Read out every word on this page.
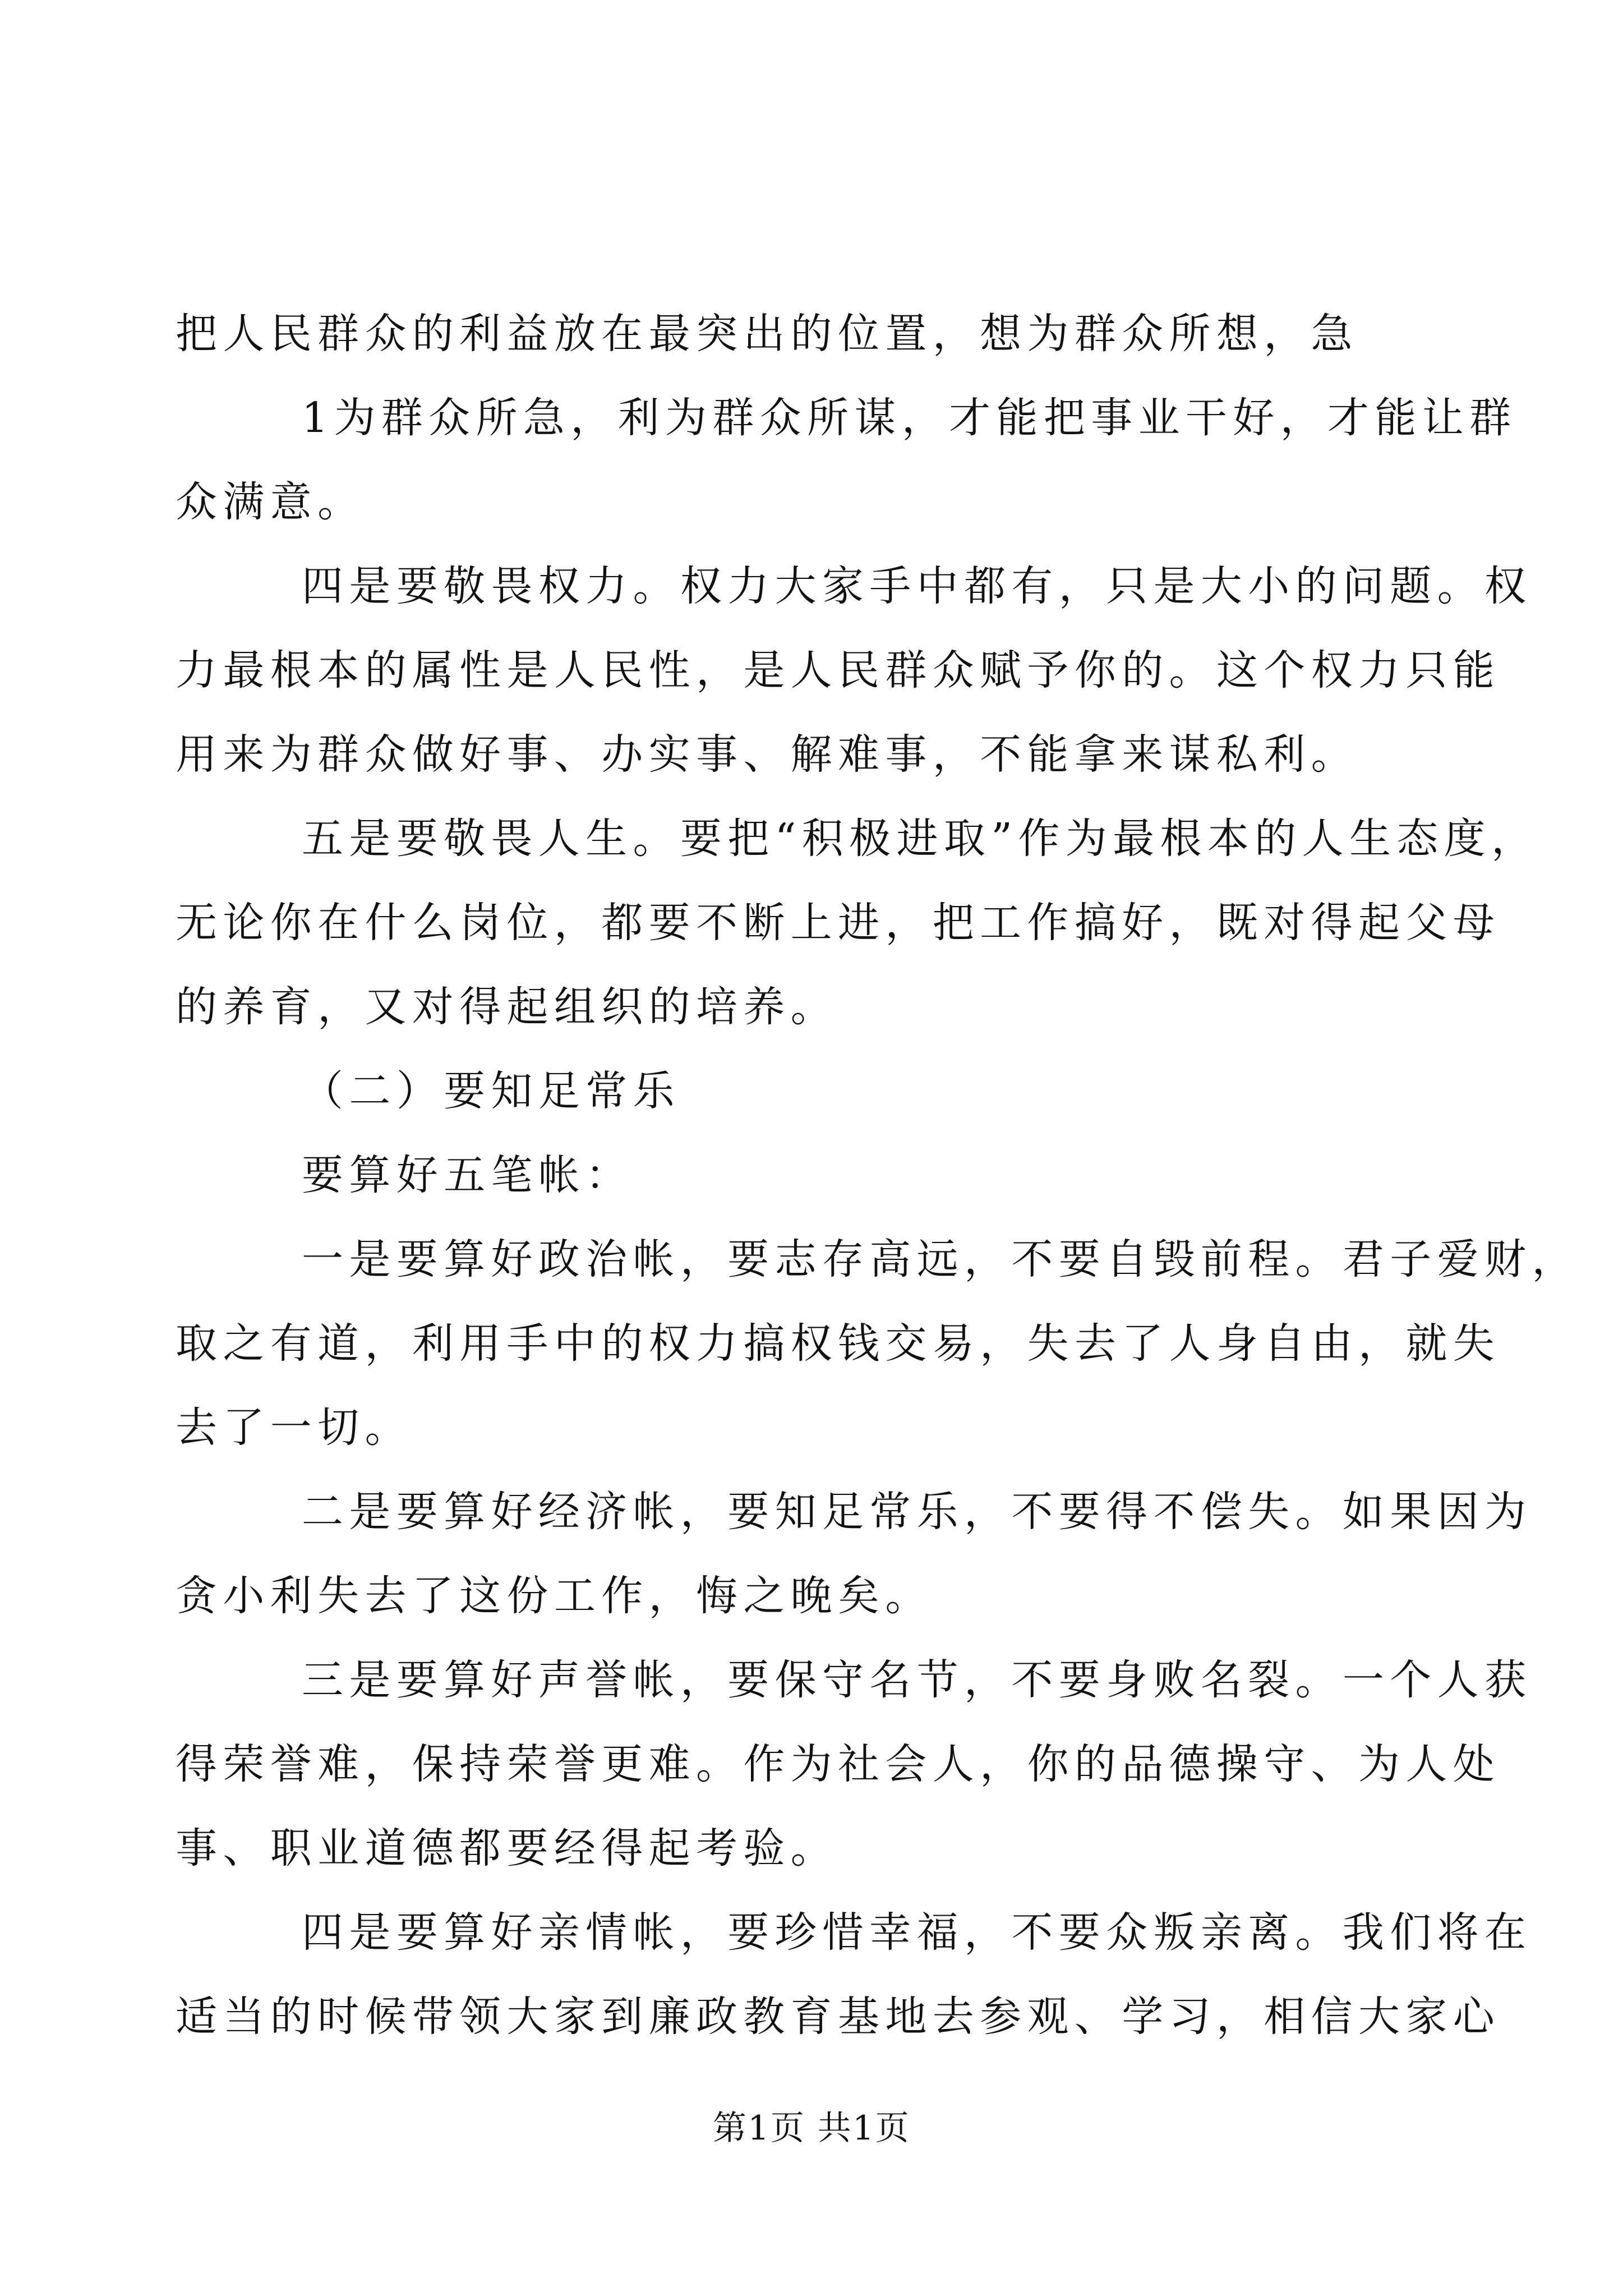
把人民群众的利益放在最突出的位置，想为群众所想，急
1为群众所急，利为群众所谋，才能把事业干好，才能让群
众满意。
四是要敬畏权力。权力大家手中都有，只是大小的问题。权
力最根本的属性是人民性，是人民群众赋予你的。这个权力只能
用来为群众做好事、办实事、解难事，不能拿来谋私利。
五是要敬畏人生。要把“积极进取”作为最根本的人生态度，
无论你在什么岗位，都要不断上进，把工作搞好，既对得起父母
的养育，又对得起组织的培养。
（二）要知足常乐
要算好五笔帐：
一是要算好政治帐，要志存高远，不要自毁前程。君子爱财，
取之有道，利用手中的权力搞权钱交易，失去了人身自由，就失
去了一切。
二是要算好经济帐，要知足常乐，不要得不偿失。如果因为
贪小利失去了这份工作，悔之晚矣。
三是要算好声誉帐，要保守名节，不要身败名裂。一个人获
得荣誉难，保持荣誉更难。作为社会人，你的品德操守、为人处
事、职业道德都要经得起考验。
四是要算好亲情帐，要珍惜幸福，不要众叛亲离。我们将在
适当的时候带领大家到廉政教育基地去参观、学习，相信大家心
第1页 共1页
